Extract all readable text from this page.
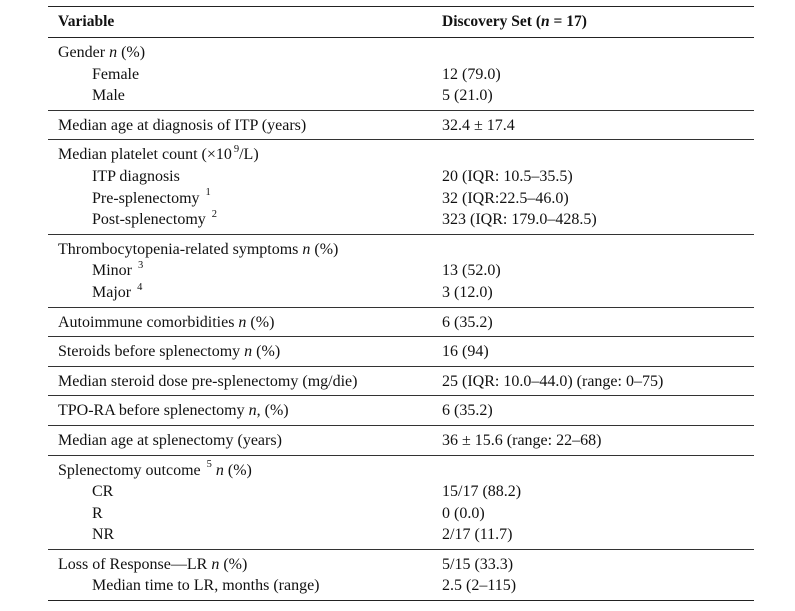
Variable	Discovery Set (n = 17)
Gender n (%)
Female	12 (79.0)
Male	5 (21.0)
Median age at diagnosis of ITP (years)	32.4 ± 17.4
Median platelet count (×10 $^9$/L)
ITP diagnosis	20 (IQR: 10.5–35.5)
Pre-splenectomy $^1$	32 (IQR:22.5–46.0)
Post-splenectomy $^2$	323 (IQR: 179.0–428.5)
Thrombocytopenia-related symptoms n (%)
Minor $^3$	13 (52.0)
Major $^4$	3 (12.0)
Autoimmune comorbidities n (%)	6 (35.2)
Steroids before splenectomy n (%)	16 (94)
Median steroid dose pre-splenectomy (mg/die)	25 (IQR: 10.0–44.0) (range: 0–75)
TPO-RA before splenectomy n, (%)	6 (35.2)
Median age at splenectomy (years)	36 ± 15.6 (range: 22–68)
Splenectomy outcome $^5$ n (%)
CR	15/17 (88.2)
R	0 (0.0)
NR	2/17 (11.7)
Loss of Response—LR n (%)	5/15 (33.3)
Median time to LR, months (range)	2.5 (2–115)
